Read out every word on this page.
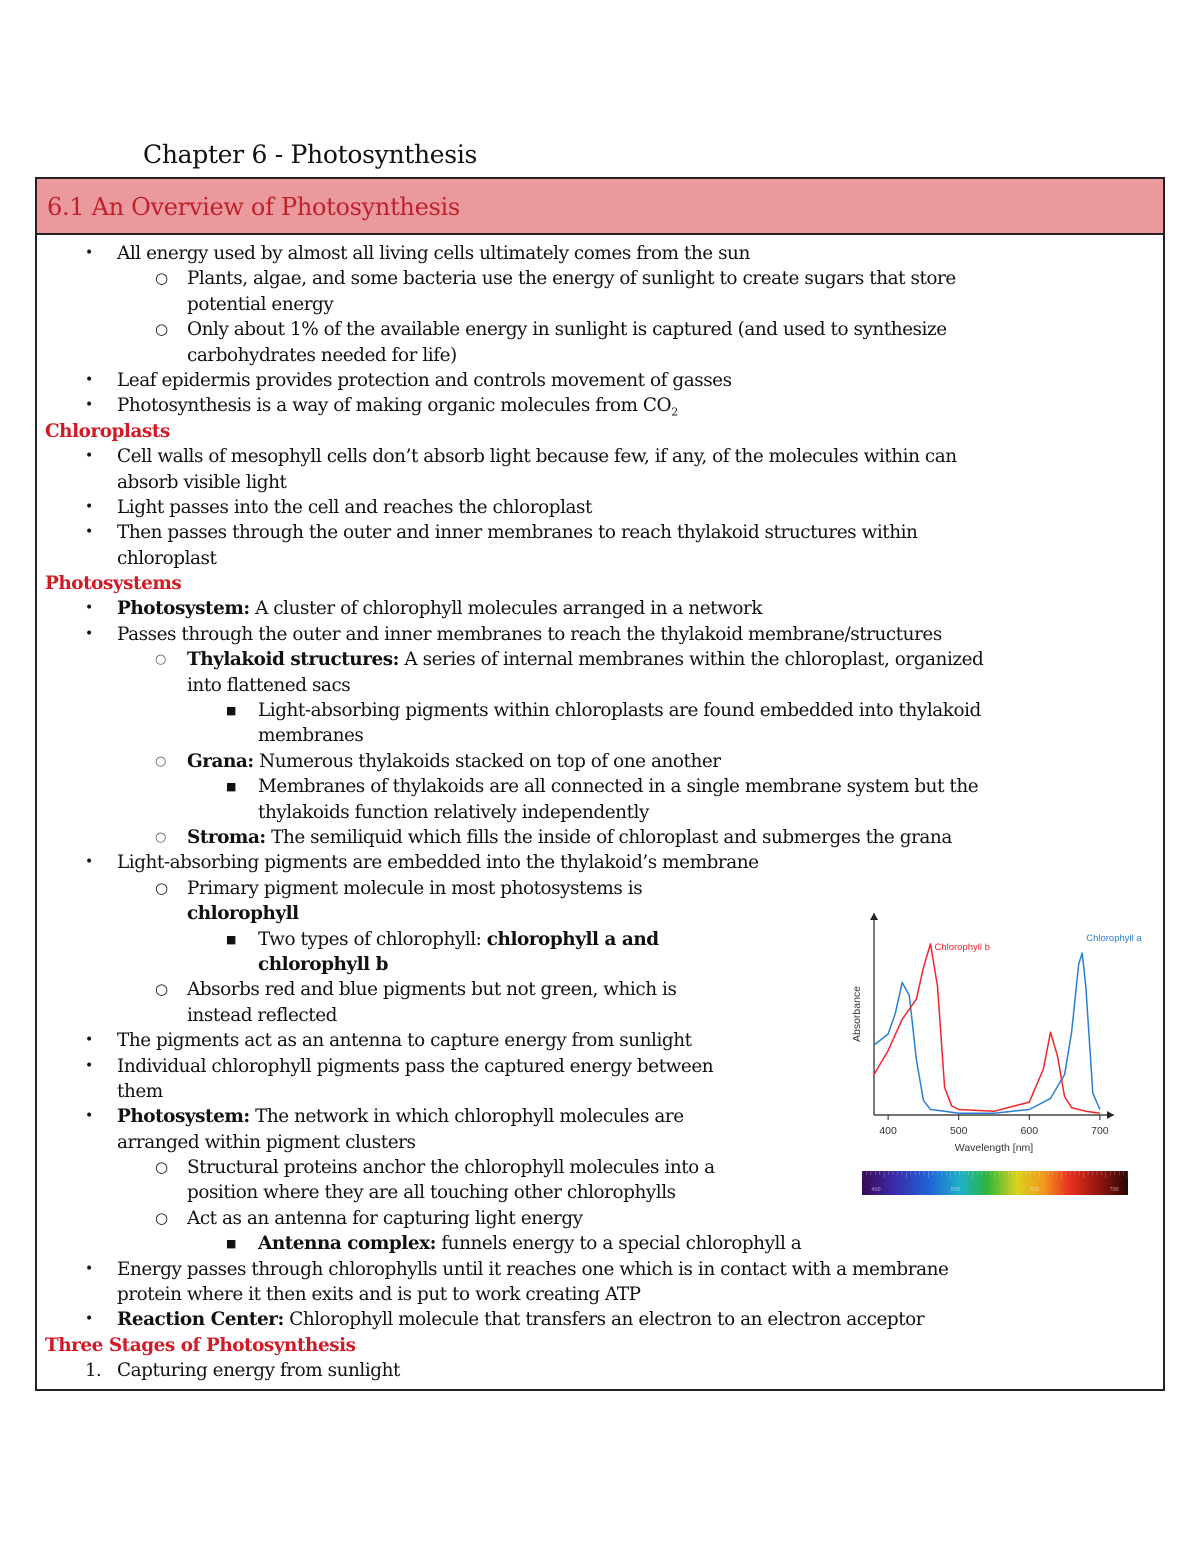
Chapter 6 - Photosynthesis
6.1 An Overview of Photosynthesis
• All energy used by almost all living cells ultimately comes from the sun
○ Plants, algae, and some bacteria use the energy of sunlight to create sugars that store
potential energy
○ Only about 1% of the available energy in sunlight is captured (and used to synthesize
carbohydrates needed for life)
• Leaf epidermis provides protection and controls movement of gasses
• Photosynthesis is a way of making organic molecules from $CO_2$
Chloroplasts
• Cell walls of mesophyll cells don’t absorb light because few, if any, of the molecules within can
absorb visible light
• Light passes into the cell and reaches the chloroplast
• Then passes through the outer and inner membranes to reach thylakoid structures within
chloroplast
Photosystems
• Photosystem: A cluster of chlorophyll molecules arranged in a network
• Passes through the outer and inner membranes to reach the thylakoid membrane/structures
○ Thylakoid structures: A series of internal membranes within the chloroplast, organized
into flattened sacs
■ Light-absorbing pigments within chloroplasts are found embedded into thylakoid
membranes
○ Grana: Numerous thylakoids stacked on top of one another
■ Membranes of thylakoids are all connected in a single membrane system but the
thylakoids function relatively independently
○ Stroma: The semiliquid which fills the inside of chloroplast and submerges the grana
• Light-absorbing pigments are embedded into the thylakoid’s membrane
○ Primary pigment molecule in most photosystems is
chlorophyll
■ Two types of chlorophyll: chlorophyll a and
chlorophyll b
○ Absorbs red and blue pigments but not green, which is
instead reflected
• The pigments act as an antenna to capture energy from sunlight
• Individual chlorophyll pigments pass the captured energy between
them
• Photosystem: The network in which chlorophyll molecules are
arranged within pigment clusters
○ Structural proteins anchor the chlorophyll molecules into a
position where they are all touching other chlorophylls
○ Act as an antenna for capturing light energy
■ Antenna complex: funnels energy to a special chlorophyll a
• Energy passes through chlorophylls until it reaches one which is in contact with a membrane
protein where it then exits and is put to work creating ATP
• Reaction Center: Chlorophyll molecule that transfers an electron to an electron acceptor
Three Stages of Photosynthesis
1. Capturing energy from sunlight
400	500	600	700
Wavelength [nm]
Absorbance
400	500	600	700
Chlorophyll a
Chlorophyll b
